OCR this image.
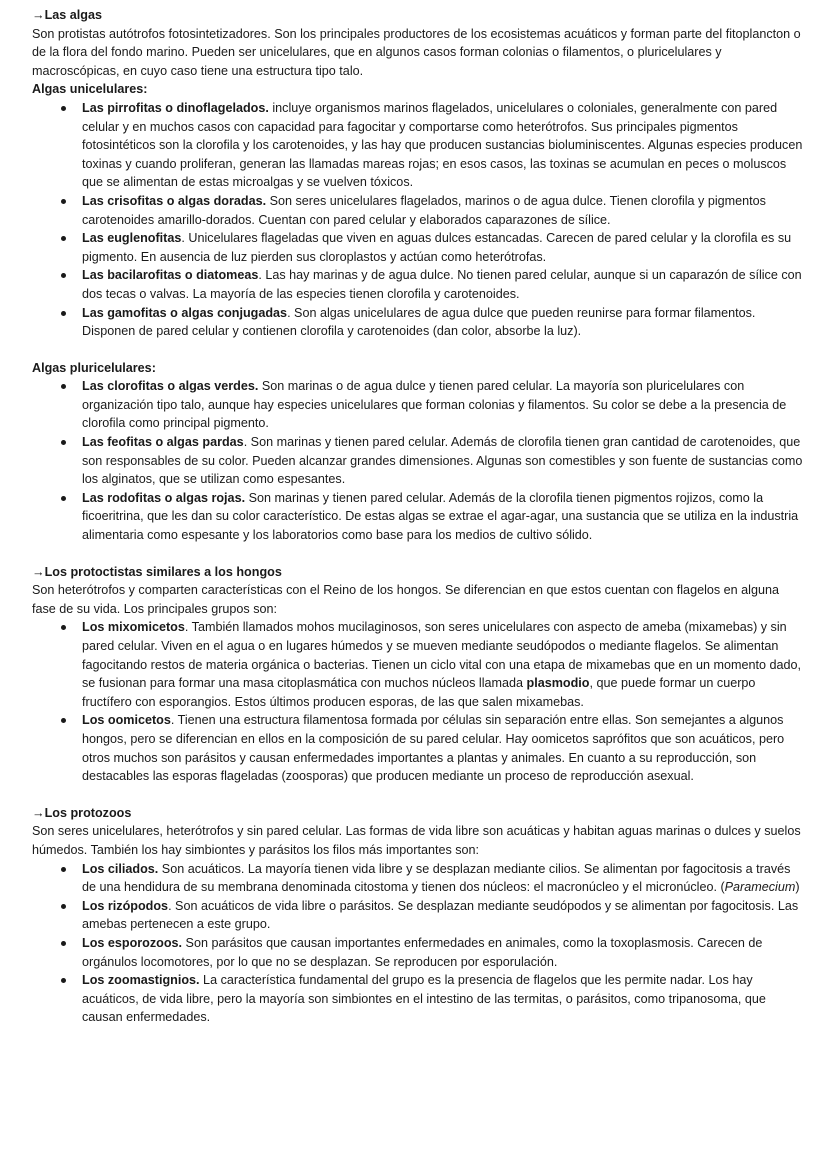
→Las algas

Son protistas autótrofos fotosintetizadores. Son los principales productores de los ecosistemas acuáticos y forman parte del fitoplancton o de la flora del fondo marino. Pueden ser unicelulares, que en algunos casos forman colonias o filamentos, o pluricelulares y macroscópicas, en cuyo caso tiene una estructura tipo talo.

Algas unicelulares:

Las pirrofitas o dinoflagelados. incluye organismos marinos flagelados, unicelulares o coloniales, generalmente con pared celular y en muchos casos con capacidad para fagocitar y comportarse como heterótrofos. Sus principales pigmentos fotosintéticos son la clorofila y los carotenoides, y las hay que producen sustancias bioluminiscentes. Algunas especies producen toxinas y cuando proliferan, generan las llamadas mareas rojas; en esos casos, las toxinas se acumulan en peces o moluscos que se alimentan de estas microalgas y se vuelven tóxicos.
Las crisofitas o algas doradas. Son seres unicelulares flagelados, marinos o de agua dulce. Tienen clorofila y pigmentos carotenoides amarillo-dorados. Cuentan con pared celular y elaborados caparazones de sílice.
Las euglenofitas. Unicelulares flageladas que viven en aguas dulces estancadas. Carecen de pared celular y la clorofila es su pigmento. En ausencia de luz pierden sus cloroplastos y actúan como heterótrofas.
Las bacilarofitas o diatomeas. Las hay marinas y de agua dulce. No tienen pared celular, aunque si un caparazón de sílice con dos tecas o valvas. La mayoría de las especies tienen clorofila y carotenoides.
Las gamofitas o algas conjugadas. Son algas unicelulares de agua dulce que pueden reunirse para formar filamentos. Disponen de pared celular y contienen clorofila y carotenoides (dan color, absorbe la luz).

Algas pluricelulares:

Las clorofitas o algas verdes. Son marinas o de agua dulce y tienen pared celular. La mayoría son pluricelulares con organización tipo talo, aunque hay especies unicelulares que forman colonias y filamentos. Su color se debe a la presencia de clorofila como principal pigmento.
Las feofitas o algas pardas. Son marinas y tienen pared celular. Además de clorofila tienen gran cantidad de carotenoides, que son responsables de su color. Pueden alcanzar grandes dimensiones. Algunas son comestibles y son fuente de sustancias como los alginatos, que se utilizan como espesantes.
Las rodofitas o algas rojas. Son marinas y tienen pared celular. Además de la clorofila tienen pigmentos rojizos, como la ficoeritrina, que les dan su color característico. De estas algas se extrae el agar-agar, una sustancia que se utiliza en la industria alimentaria como espesante y los laboratorios como base para los medios de cultivo sólido.

→Los protoctistas similares a los hongos

Son heterótrofos y comparten características con el Reino de los hongos. Se diferencian en que estos cuentan con flagelos en alguna fase de su vida. Los principales grupos son:

Los mixomicetos. También llamados mohos mucilaginosos, son seres unicelulares con aspecto de ameba (mixamebas) y sin pared celular. Viven en el agua o en lugares húmedos y se mueven mediante seudópodos o mediante flagelos. Se alimentan fagocitando restos de materia orgánica o bacterias. Tienen un ciclo vital con una etapa de mixamebas que en un momento dado, se fusionan para formar una masa citoplasmática con muchos núcleos llamada plasmodio, que puede formar un cuerpo fructífero con esporangios. Estos últimos producen esporas, de las que salen mixamebas.
Los oomicetos. Tienen una estructura filamentosa formada por células sin separación entre ellas. Son semejantes a algunos hongos, pero se diferencian en ellos en la composición de su pared celular. Hay oomicetos saprófitos que son acuáticos, pero otros muchos son parásitos y causan enfermedades importantes a plantas y animales. En cuanto a su reproducción, son destacables las esporas flageladas (zoosporas) que producen mediante un proceso de reproducción asexual.

→Los protozoos

Son seres unicelulares, heterótrofos y sin pared celular. Las formas de vida libre son acuáticas y habitan aguas marinas o dulces y suelos húmedos. También los hay simbiontes y parásitos los filos más importantes son:

Los ciliados. Son acuáticos. La mayoría tienen vida libre y se desplazan mediante cilios. Se alimentan por fagocitosis a través de una hendidura de su membrana denominada citostoma y tienen dos núcleos: el macronúcleo y el micronúcleo. (Paramecium)
Los rizópodos. Son acuáticos de vida libre o parásitos. Se desplazan mediante seudópodos y se alimentan por fagocitosis. Las amebas pertenecen a este grupo.
Los esporozoos. Son parásitos que causan importantes enfermedades en animales, como la toxoplasmosis. Carecen de orgánulos locomotores, por lo que no se desplazan. Se reproducen por esporulación.
Los zoomastignios. La característica fundamental del grupo es la presencia de flagelos que les permite nadar. Los hay acuáticos, de vida libre, pero la mayoría son simbiontes en el intestino de las termitas, o parásitos, como tripanosoma, que causan enfermedades.
